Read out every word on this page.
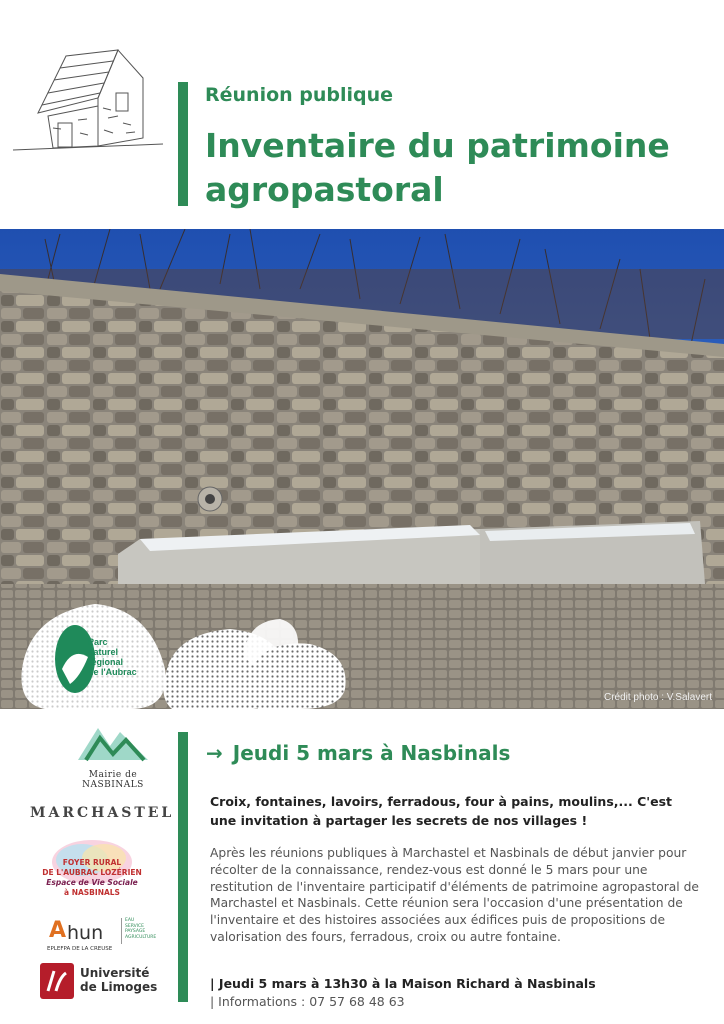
Réunion publique
Inventaire du patrimoine agropastoral
Parc
naturel
régional
de l'Aubrac
Crédit photo : V.Salavert
Mairie de NASBINALS
MARCHASTEL
FOYER RURAL
DE L'AUBRAC LOZÉRIEN
Espace de Vie Sociale
à NASBINALS
A hun
EAU
SERVICE
PAYSAGE
AGRICULTURE
EPLEFPA DE LA CREUSE
Université
de Limoges
→ Jeudi 5 mars à Nasbinals
Croix, fontaines, lavoirs, ferradous, four à pains, moulins,... C'est une invitation à partager les secrets de nos villages !
Après les réunions publiques à Marchastel et Nasbinals de début janvier pour récolter de la connaissance, rendez-vous est donné le 5 mars pour une restitution de l'inventaire participatif d'éléments de patrimoine agropastoral de Marchastel et Nasbinals. Cette réunion sera l'occasion d'une présentation de l'inventaire et des histoires associées aux édifices puis de propositions de valorisation des fours, ferradous, croix ou autre fontaine.
| Jeudi 5 mars à 13h30 à la Maison Richard à Nasbinals
| Informations : 07 57 68 48 63
